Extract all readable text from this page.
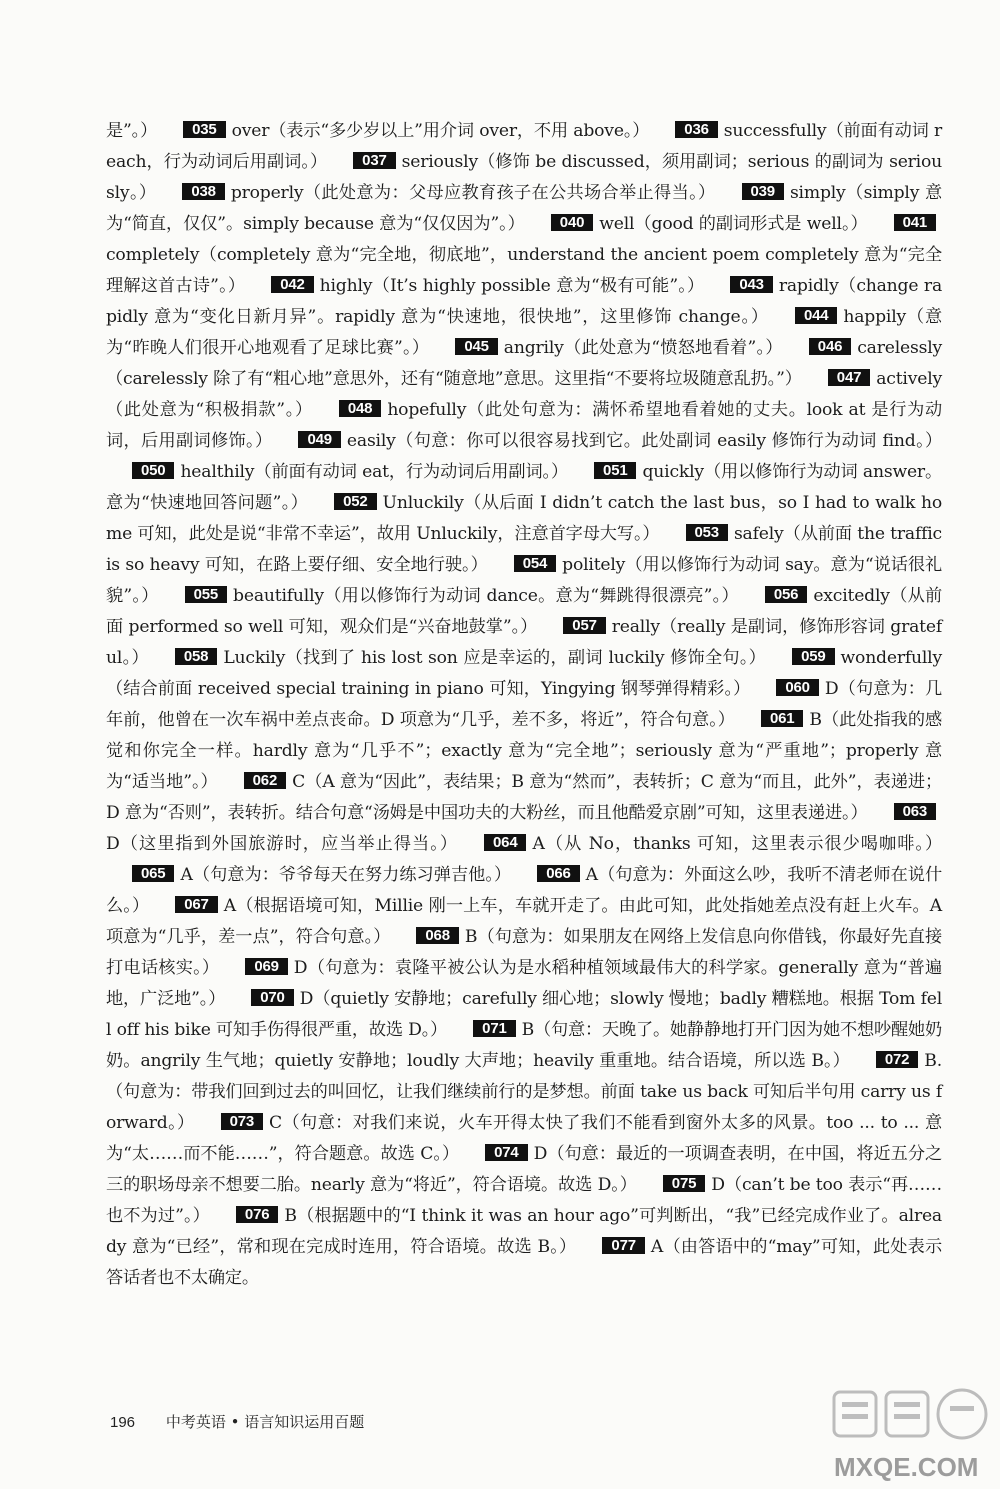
是”。） 035 over（表示“多少岁以上”用介词 over，不用 above。） 036 successfully（前面有动词 reach，行为动词后用副词。） 037 seriously（修饰 be discussed，须用副词；serious 的副词为 seriously。） 038 properly（此处意为：父母应教育孩子在公共场合举止得当。） 039 simply（simply 意为“简直，仅仅”。simply because 意为“仅仅因为”。） 040 well（good 的副词形式是 well。） 041completely（completely 意为“完全地，彻底地”，understand the ancient poem completely 意为“完全理解这首古诗”。） 042 highly（It’s highly possible 意为“极有可能”。） 043 rapidly（change rapidly 意为“变化日新月异”。rapidly 意为“快速地，很快地”，这里修饰 change。） 044 happily（意为“昨晚人们很开心地观看了足球比赛”。） 045 angrily（此处意为“愤怒地看着”。） 046 carelessly（carelessly 除了有“粗心地”意思外，还有“随意地”意思。这里指“不要将垃圾随意乱扔。”） 047 actively（此处意为“积极捐款”。） 048 hopefully（此处句意为：满怀希望地看着她的丈夫。look at 是行为动词，后用副词修饰。） 049 easily（句意：你可以很容易找到它。此处副词 easily 修饰行为动词 find。）050 healthily（前面有动词 eat，行为动词后用副词。） 051 quickly（用以修饰行为动词 answer。意为“快速地回答问题”。） 052 Unluckily（从后面 I didn’t catch the last bus，so I had to walk home 可知，此处是说“非常不幸运”，故用 Unluckily，注意首字母大写。） 053 safely（从前面 the traffic is so heavy 可知，在路上要仔细、安全地行驶。） 054 politely（用以修饰行为动词 say。意为“说话很礼貌”。） 055 beautifully（用以修饰行为动词 dance。意为“舞跳得很漂亮”。） 056 excitedly（从前面 performed so well 可知，观众们是“兴奋地鼓掌”。） 057 really（really 是副词，修饰形容词 grateful。） 058 Luckily（找到了 his lost son 应是幸运的，副词 luckily 修饰全句。） 059 wonderfully（结合前面 received special training in piano 可知，Yingying 钢琴弹得精彩。） 060 D（句意为：几年前，他曾在一次车祸中差点丧命。D 项意为“几乎，差不多，将近”，符合句意。） 061 B（此处指我的感觉和你完全一样。hardly 意为“几乎不”；exactly 意为“完全地”；seriously 意为“严重地”；properly 意为“适当地”。） 062 C（A 意为“因此”，表结果；B 意为“然而”，表转折；C 意为“而且，此外”，表递进；D 意为“否则”，表转折。结合句意“汤姆是中国功夫的大粉丝，而且他酷爱京剧”可知，这里表递进。） 063D（这里指到外国旅游时，应当举止得当。） 064 A（从 No，thanks 可知，这里表示很少喝咖啡。）065 A（句意为：爷爷每天在努力练习弹吉他。） 066 A（句意为：外面这么吵，我听不清老师在说什么。） 067 A（根据语境可知，Millie 刚一上车，车就开走了。由此可知，此处指她差点没有赶上火车。A 项意为“几乎，差一点”，符合句意。） 068 B（句意为：如果朋友在网络上发信息向你借钱，你最好先直接打电话核实。） 069 D（句意为：袁隆平被公认为是水稻种植领域最伟大的科学家。generally 意为“普遍地，广泛地”。） 070 D（quietly 安静地；carefully 细心地；slowly 慢地；badly 糟糕地。根据 Tom fell off his bike 可知手伤得很严重，故选 D。） 071 B（句意：天晚了。她静静地打开门因为她不想吵醒她奶奶。angrily 生气地；quietly 安静地；loudly 大声地；heavily 重重地。结合语境，所以选 B。） 072 B.（句意为：带我们回到过去的叫回忆，让我们继续前行的是梦想。前面 take us back 可知后半句用 carry us forward。） 073 C（句意：对我们来说，火车开得太快了我们不能看到窗外太多的风景。too ... to ... 意为“太……而不能……”，符合题意。故选 C。） 074 D（句意：最近的一项调查表明，在中国，将近五分之三的职场母亲不想要二胎。nearly 意为“将近”，符合语境。故选 D。） 075 D（can’t be too 表示“再……也不为过”。） 076 B（根据题中的“I think it was an hour ago”可判断出，“我”已经完成作业了。already 意为“已经”，常和现在完成时连用，符合语境。故选 B。） 077 A（由答语中的“may”可知，此处表示答话者也不太确定。
196 中考英语 • 语言知识运用百题
MXQE.COM
